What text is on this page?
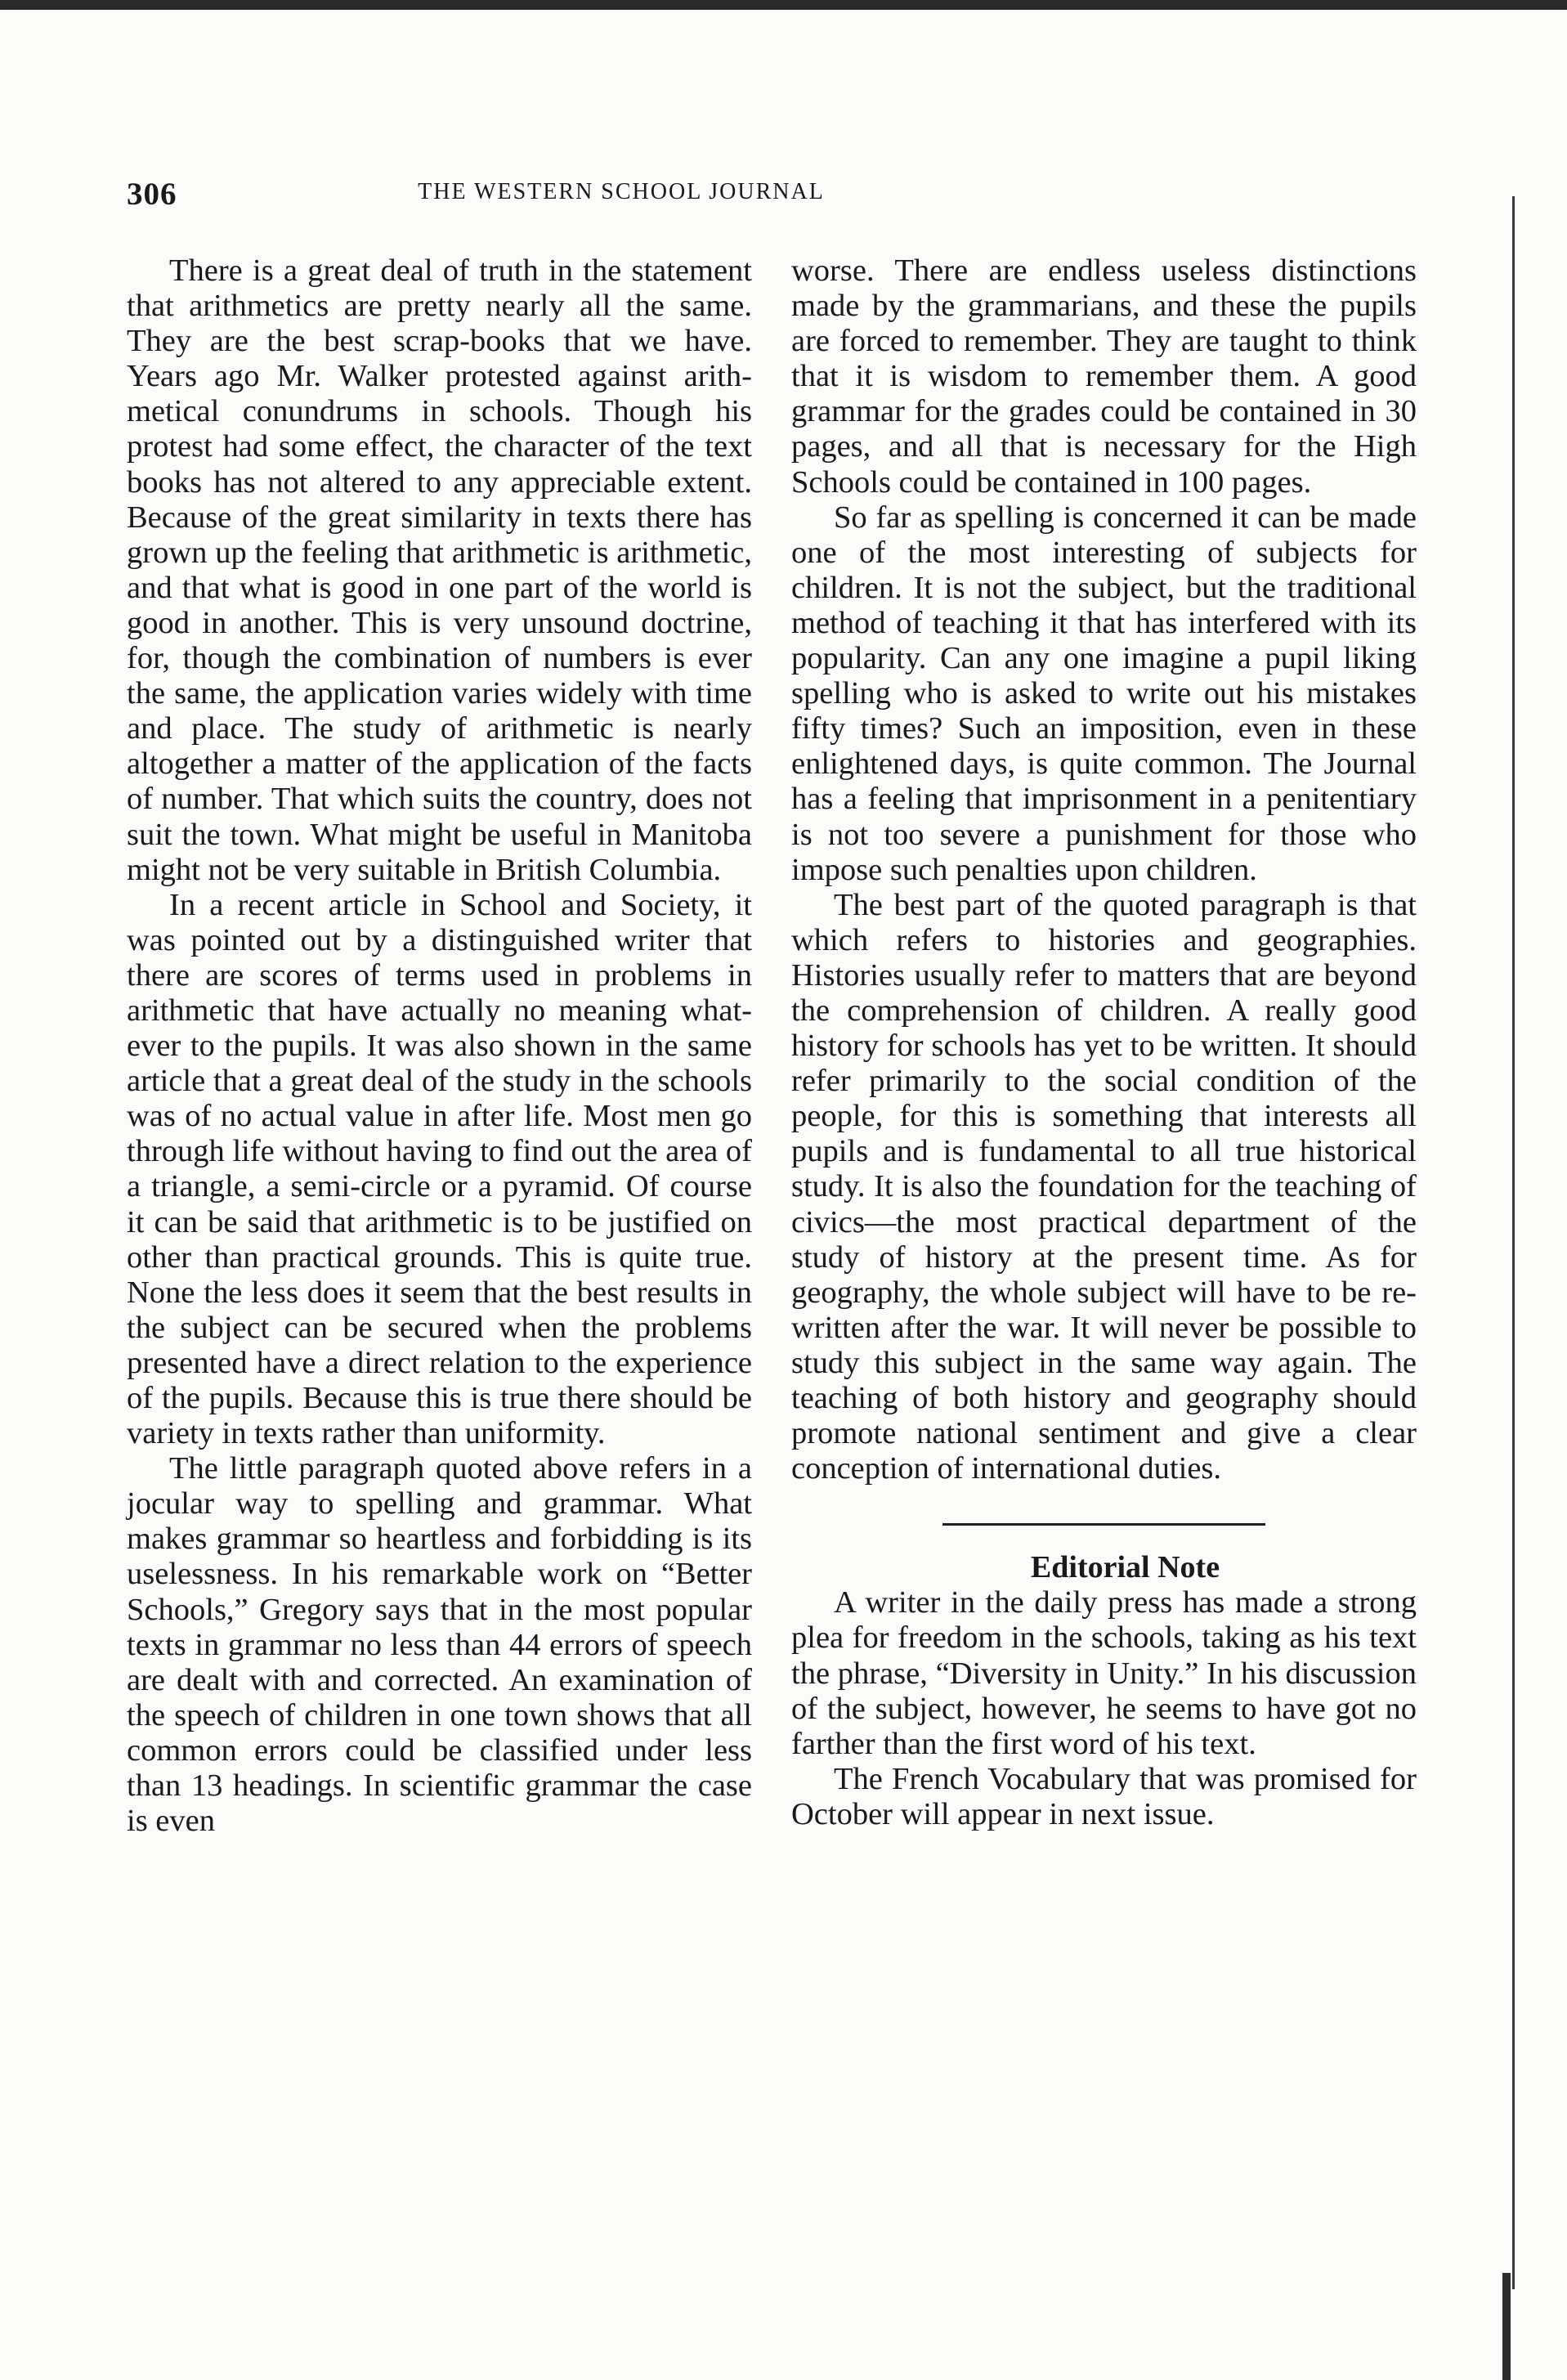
306	THE WESTERN SCHOOL JOURNAL

There is a great deal of truth in the statement that arithmetics are pretty nearly all the same. They are the best scrap-books that we have. Years ago Mr. Walker protested against arithmetical conundrums in schools. Though his protest had some effect, the character of the text books has not altered to any appreciable extent. Because of the great similarity in texts there has grown up the feeling that arithmetic is arithmetic, and that what is good in one part of the world is good in another. This is very unsound doctrine, for, though the combination of numbers is ever the same, the application varies widely with time and place. The study of arithmetic is nearly altogether a matter of the application of the facts of number. That which suits the country, does not suit the town. What might be useful in Manitoba might not be very suitable in British Columbia.

In a recent article in School and Society, it was pointed out by a distinguished writer that there are scores of terms used in problems in arithmetic that have actually no meaning whatever to the pupils. It was also shown in the same article that a great deal of the study in the schools was of no actual value in after life. Most men go through life without having to find out the area of a triangle, a semi-circle or a pyramid. Of course it can be said that arithmetic is to be justified on other than practical grounds. This is quite true. None the less does it seem that the best results in the subject can be secured when the problems presented have a direct relation to the experience of the pupils. Because this is true there should be variety in texts rather than uniformity.

The little paragraph quoted above refers in a jocular way to spelling and grammar. What makes grammar so heartless and forbidding is its uselessness. In his remarkable work on “Better Schools,” Gregory says that in the most popular texts in grammar no less than 44 errors of speech are dealt with and corrected. An examination of the speech of children in one town shows that all common errors could be classified under less than 13 headings. In scientific grammar the case is even

worse. There are endless useless distinctions made by the grammarians, and these the pupils are forced to remember. They are taught to think that it is wisdom to remember them. A good grammar for the grades could be contained in 30 pages, and all that is necessary for the High Schools could be contained in 100 pages.

So far as spelling is concerned it can be made one of the most interesting of subjects for children. It is not the subject, but the traditional method of teaching it that has interfered with its popularity. Can any one imagine a pupil liking spelling who is asked to write out his mistakes fifty times? Such an imposition, even in these enlightened days, is quite common. The Journal has a feeling that imprisonment in a penitentiary is not too severe a punishment for those who impose such penalties upon children.

The best part of the quoted paragraph is that which refers to histories and geographies. Histories usually refer to matters that are beyond the comprehension of children. A really good history for schools has yet to be written. It should refer primarily to the social condition of the people, for this is something that interests all pupils and is fundamental to all true historical study. It is also the foundation for the teaching of civics—the most practical department of the study of history at the present time. As for geography, the whole subject will have to be rewritten after the war. It will never be possible to study this subject in the same way again. The teaching of both history and geography should promote national sentiment and give a clear conception of international duties.

Editorial Note

A writer in the daily press has made a strong plea for freedom in the schools, taking as his text the phrase, “Diversity in Unity.” In his discussion of the subject, however, he seems to have got no farther than the first word of his text.

The French Vocabulary that was promised for October will appear in next issue.
